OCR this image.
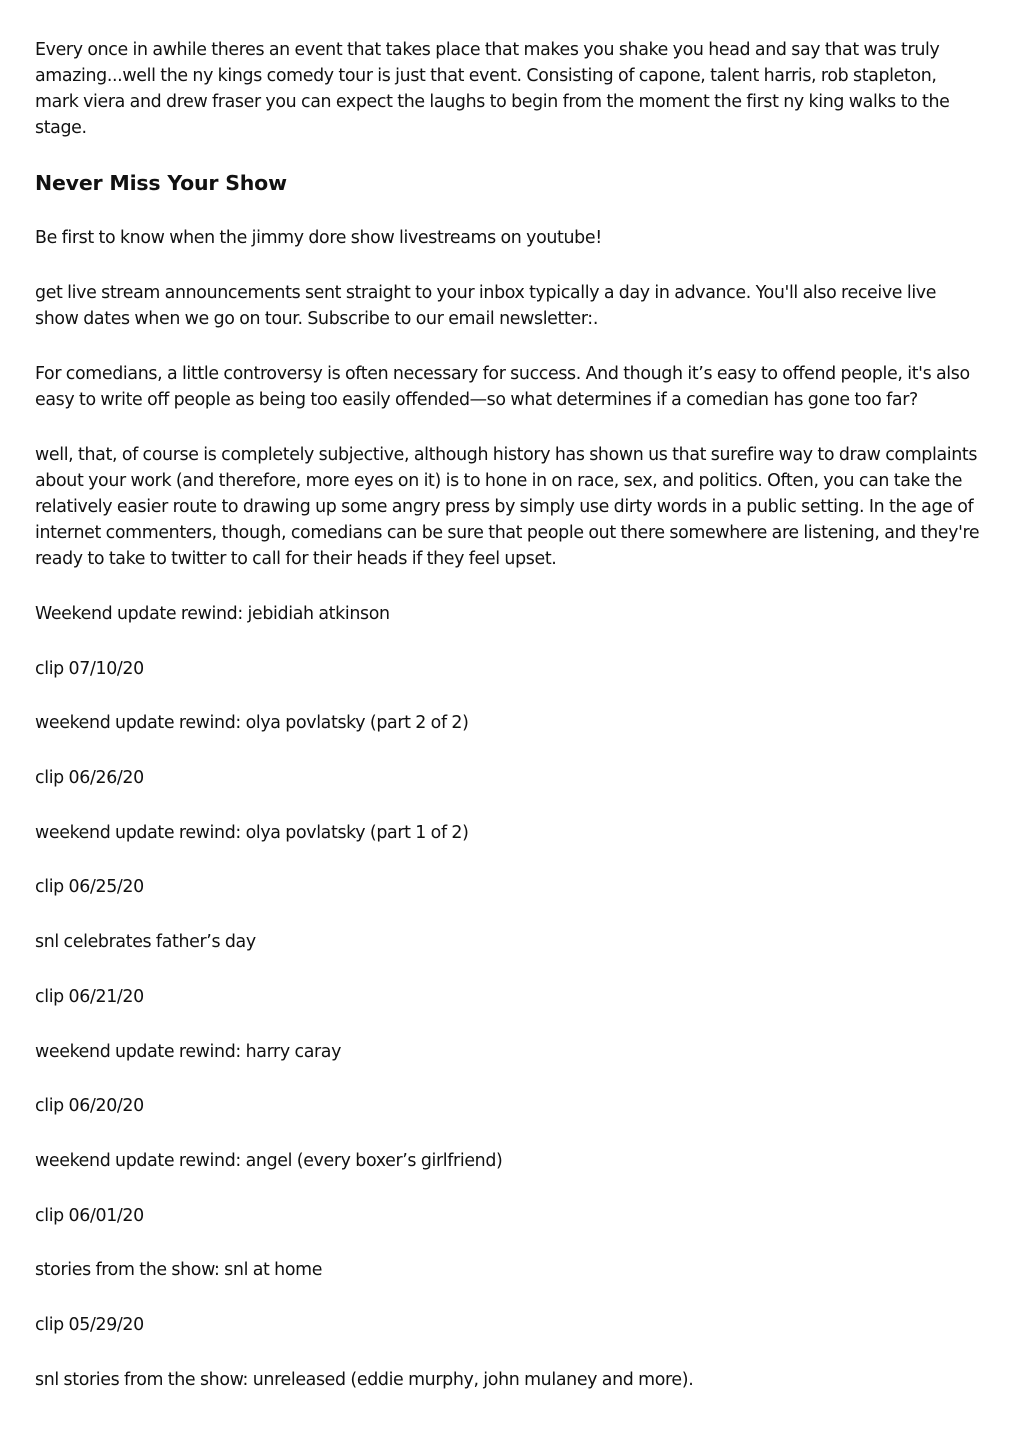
Every once in awhile theres an event that takes place that makes you shake you head and say that was truly amazing...well the ny kings comedy tour is just that event. Consisting of capone, talent harris, rob stapleton, mark viera and drew fraser you can expect the laughs to begin from the moment the first ny king walks to the stage.

Never Miss Your Show

Be first to know when the jimmy dore show livestreams on youtube!

get live stream announcements sent straight to your inbox typically a day in advance. You'll also receive live show dates when we go on tour. Subscribe to our email newsletter:.

For comedians, a little controversy is often necessary for success. And though it’s easy to offend people, it's also easy to write off people as being too easily offended—so what determines if a comedian has gone too far?

well, that, of course is completely subjective, although history has shown us that surefire way to draw complaints about your work (and therefore, more eyes on it) is to hone in on race, sex, and politics. Often, you can take the relatively easier route to drawing up some angry press by simply use dirty words in a public setting. In the age of internet commenters, though, comedians can be sure that people out there somewhere are listening, and they're ready to take to twitter to call for their heads if they feel upset.

Weekend update rewind: jebidiah atkinson
clip 07/10/20
weekend update rewind: olya povlatsky (part 2 of 2)
clip 06/26/20
weekend update rewind: olya povlatsky (part 1 of 2)
clip 06/25/20
snl celebrates father’s day
clip 06/21/20
weekend update rewind: harry caray
clip 06/20/20
weekend update rewind: angel (every boxer’s girlfriend)
clip 06/01/20
stories from the show: snl at home
clip 05/29/20
snl stories from the show: unreleased (eddie murphy, john mulaney and more).
